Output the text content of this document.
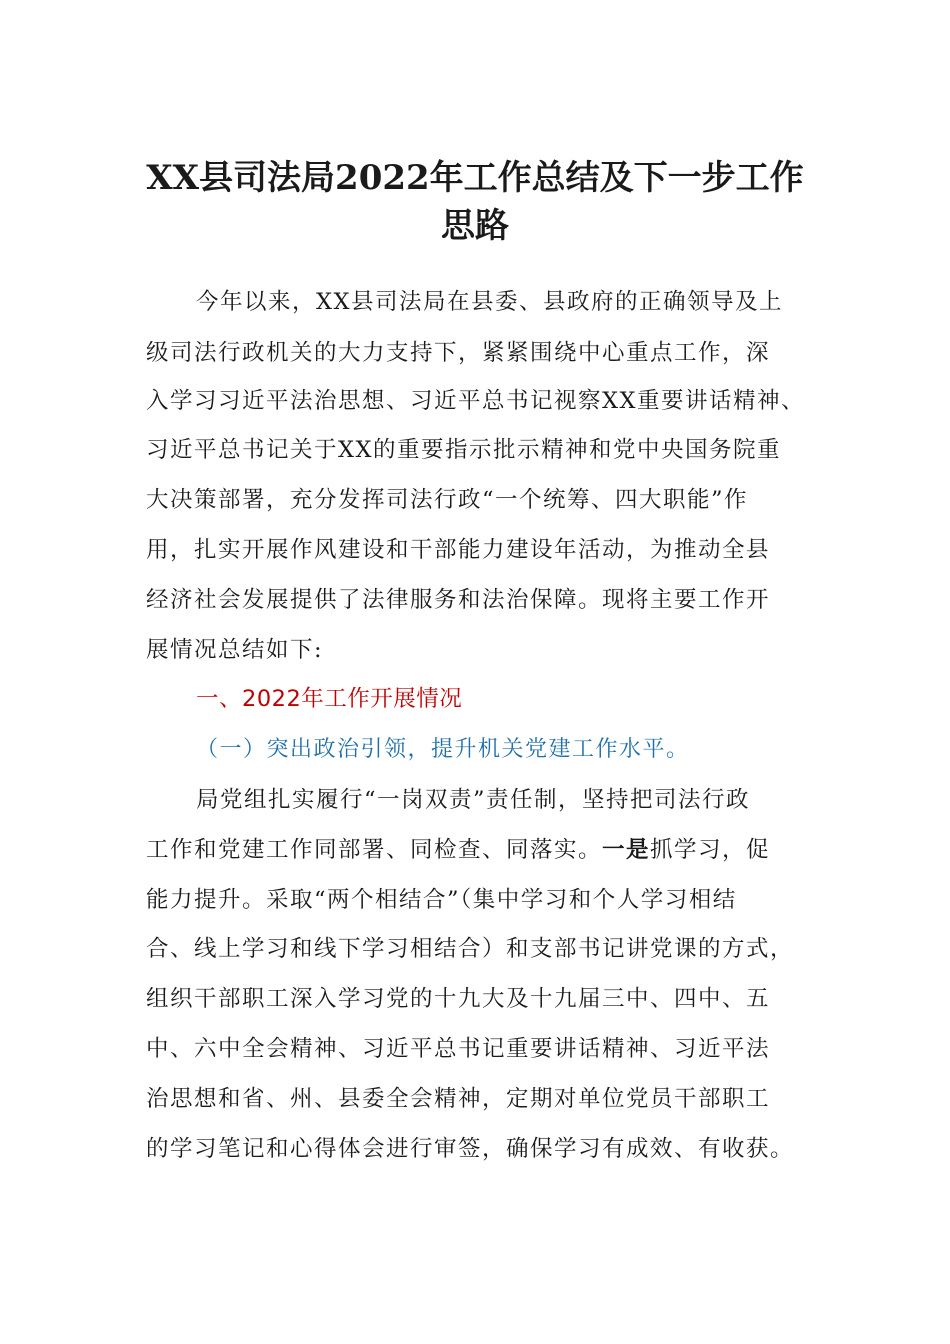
XX县司法局2022年工作总结及下一步工作
思路

今年以来，XX县司法局在县委、县政府的正确领导及上

级司法行政机关的大力支持下，紧紧围绕中心重点工作，深

入学习习近平法治思想、习近平总书记视察XX重要讲话精神、

习近平总书记关于XX的重要指示批示精神和党中央国务院重

大决策部署，充分发挥司法行政“一个统筹、四大职能”作

用，扎实开展作风建设和干部能力建设年活动，为推动全县

经济社会发展提供了法律服务和法治保障。现将主要工作开

展情况总结如下:

一、2022年工作开展情况

（一）突出政治引领，提升机关党建工作水平。

局党组扎实履行“一岗双责”责任制，坚持把司法行政

工作和党建工作同部署、同检查、同落实。一是抓学习，促

能力提升。采取“两个相结合”（集中学习和个人学习相结

合、线上学习和线下学习相结合）和支部书记讲党课的方式，

组织干部职工深入学习党的十九大及十九届三中、四中、五

中、六中全会精神、习近平总书记重要讲话精神、习近平法

治思想和省、州、县委全会精神，定期对单位党员干部职工

的学习笔记和心得体会进行审签，确保学习有成效、有收获。
